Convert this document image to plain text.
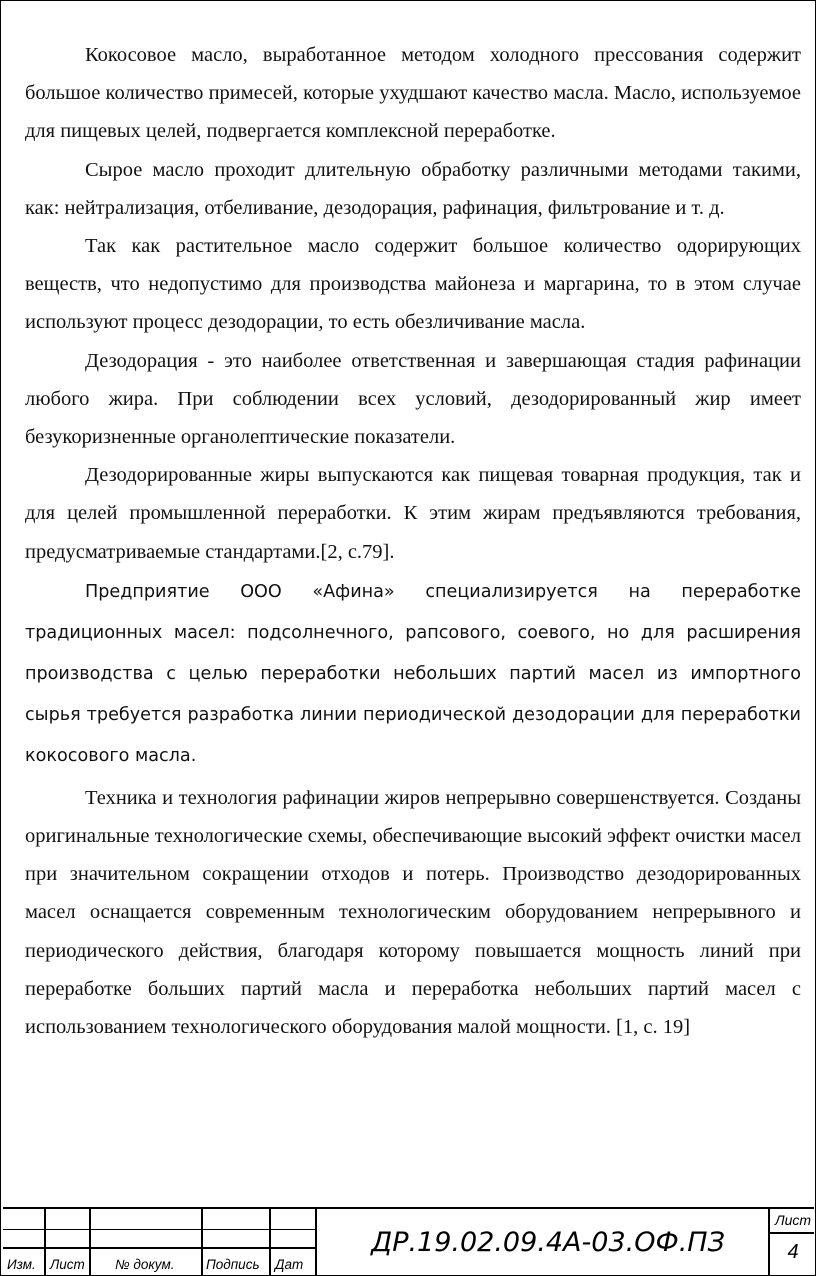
Кокосовое масло, выработанное методом холодного прессования содержит большое количество примесей, которые ухудшают качество масла. Масло, используемое для пищевых целей, подвергается комплексной переработке.

Сырое масло проходит длительную обработку различными методами такими, как: нейтрализация, отбеливание, дезодорация, рафинация, фильтрование и т. д.

Так как растительное масло содержит большое количество одорирующих веществ, что недопустимо для производства майонеза и маргарина, то в этом случае используют процесс дезодорации, то есть обезличивание масла.

Дезодорация - это наиболее ответственная и завершающая стадия рафинации любого жира. При соблюдении всех условий, дезодорированный жир имеет безукоризненные органолептические показатели.

Дезодорированные жиры выпускаются как пищевая товарная продукция, так и для целей промышленной переработки. К этим жирам предъявляются требования, предусматриваемые стандартами.[2, с.79].

Предприятие ООО «Афина» специализируется на переработке традиционных масел: подсолнечного, рапсового, соевого, но для расширения производства с целью переработки небольших партий масел из импортного сырья требуется разработка линии периодической дезодорации для переработки кокосового масла.

Техника и технология рафинации жиров непрерывно совершенствуется. Созданы оригинальные технологические схемы, обеспечивающие высокий эффект очистки масел при значительном сокращении отходов и потерь. Производство дезодорированных масел оснащается современным технологическим оборудованием непрерывного и периодического действия, благодаря которому повышается мощность линий при переработке больших партий масла и переработка небольших партий масел с использованием технологического оборудования малой мощности. [1, с. 19]

Изм. Лист № докум. Подпись Дат
ДР.19.02.09.4А-03.ОФ.ПЗ
Лист
4
